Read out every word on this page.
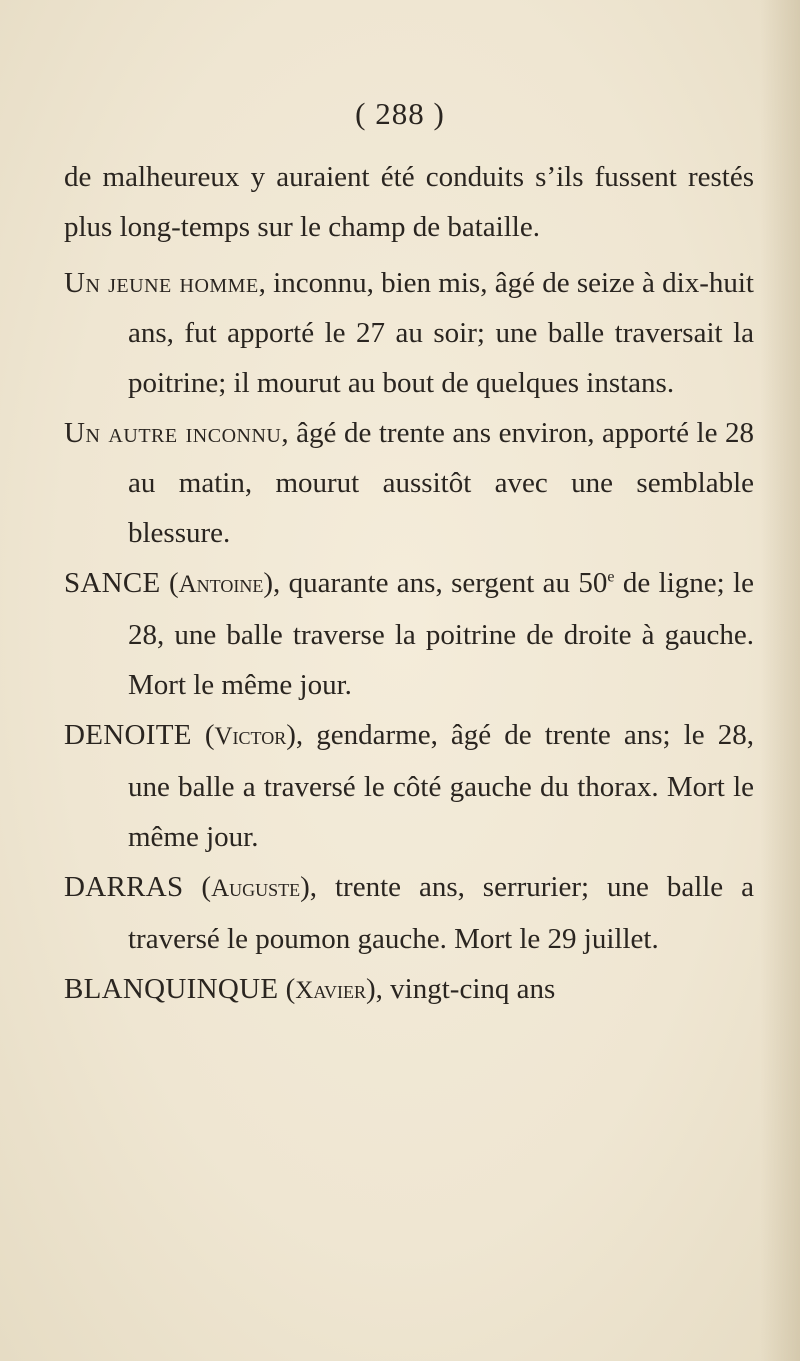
( 288 )

de malheureux y auraient été conduits s’ils fussent restés plus long-temps sur le champ de bataille.

Un jeune homme, inconnu, bien mis, âgé de seize à dix-huit ans, fut apporté le 27 au soir; une balle traversait la poitrine; il mourut au bout de quelques instans.

Un autre inconnu, âgé de trente ans environ, apporté le 28 au matin, mourut aussitôt avec une semblable blessure.

SANCE (Antoine), quarante ans, sergent au 50e de ligne; le 28, une balle traverse la poitrine de droite à gauche. Mort le même jour.

DENOITE (Victor), gendarme, âgé de trente ans; le 28, une balle a traversé le côté gauche du thorax. Mort le même jour.

DARRAS (Auguste), trente ans, serrurier; une balle a traversé le poumon gauche. Mort le 29 juillet.

BLANQUINQUE (Xavier), vingt-cinq ans
